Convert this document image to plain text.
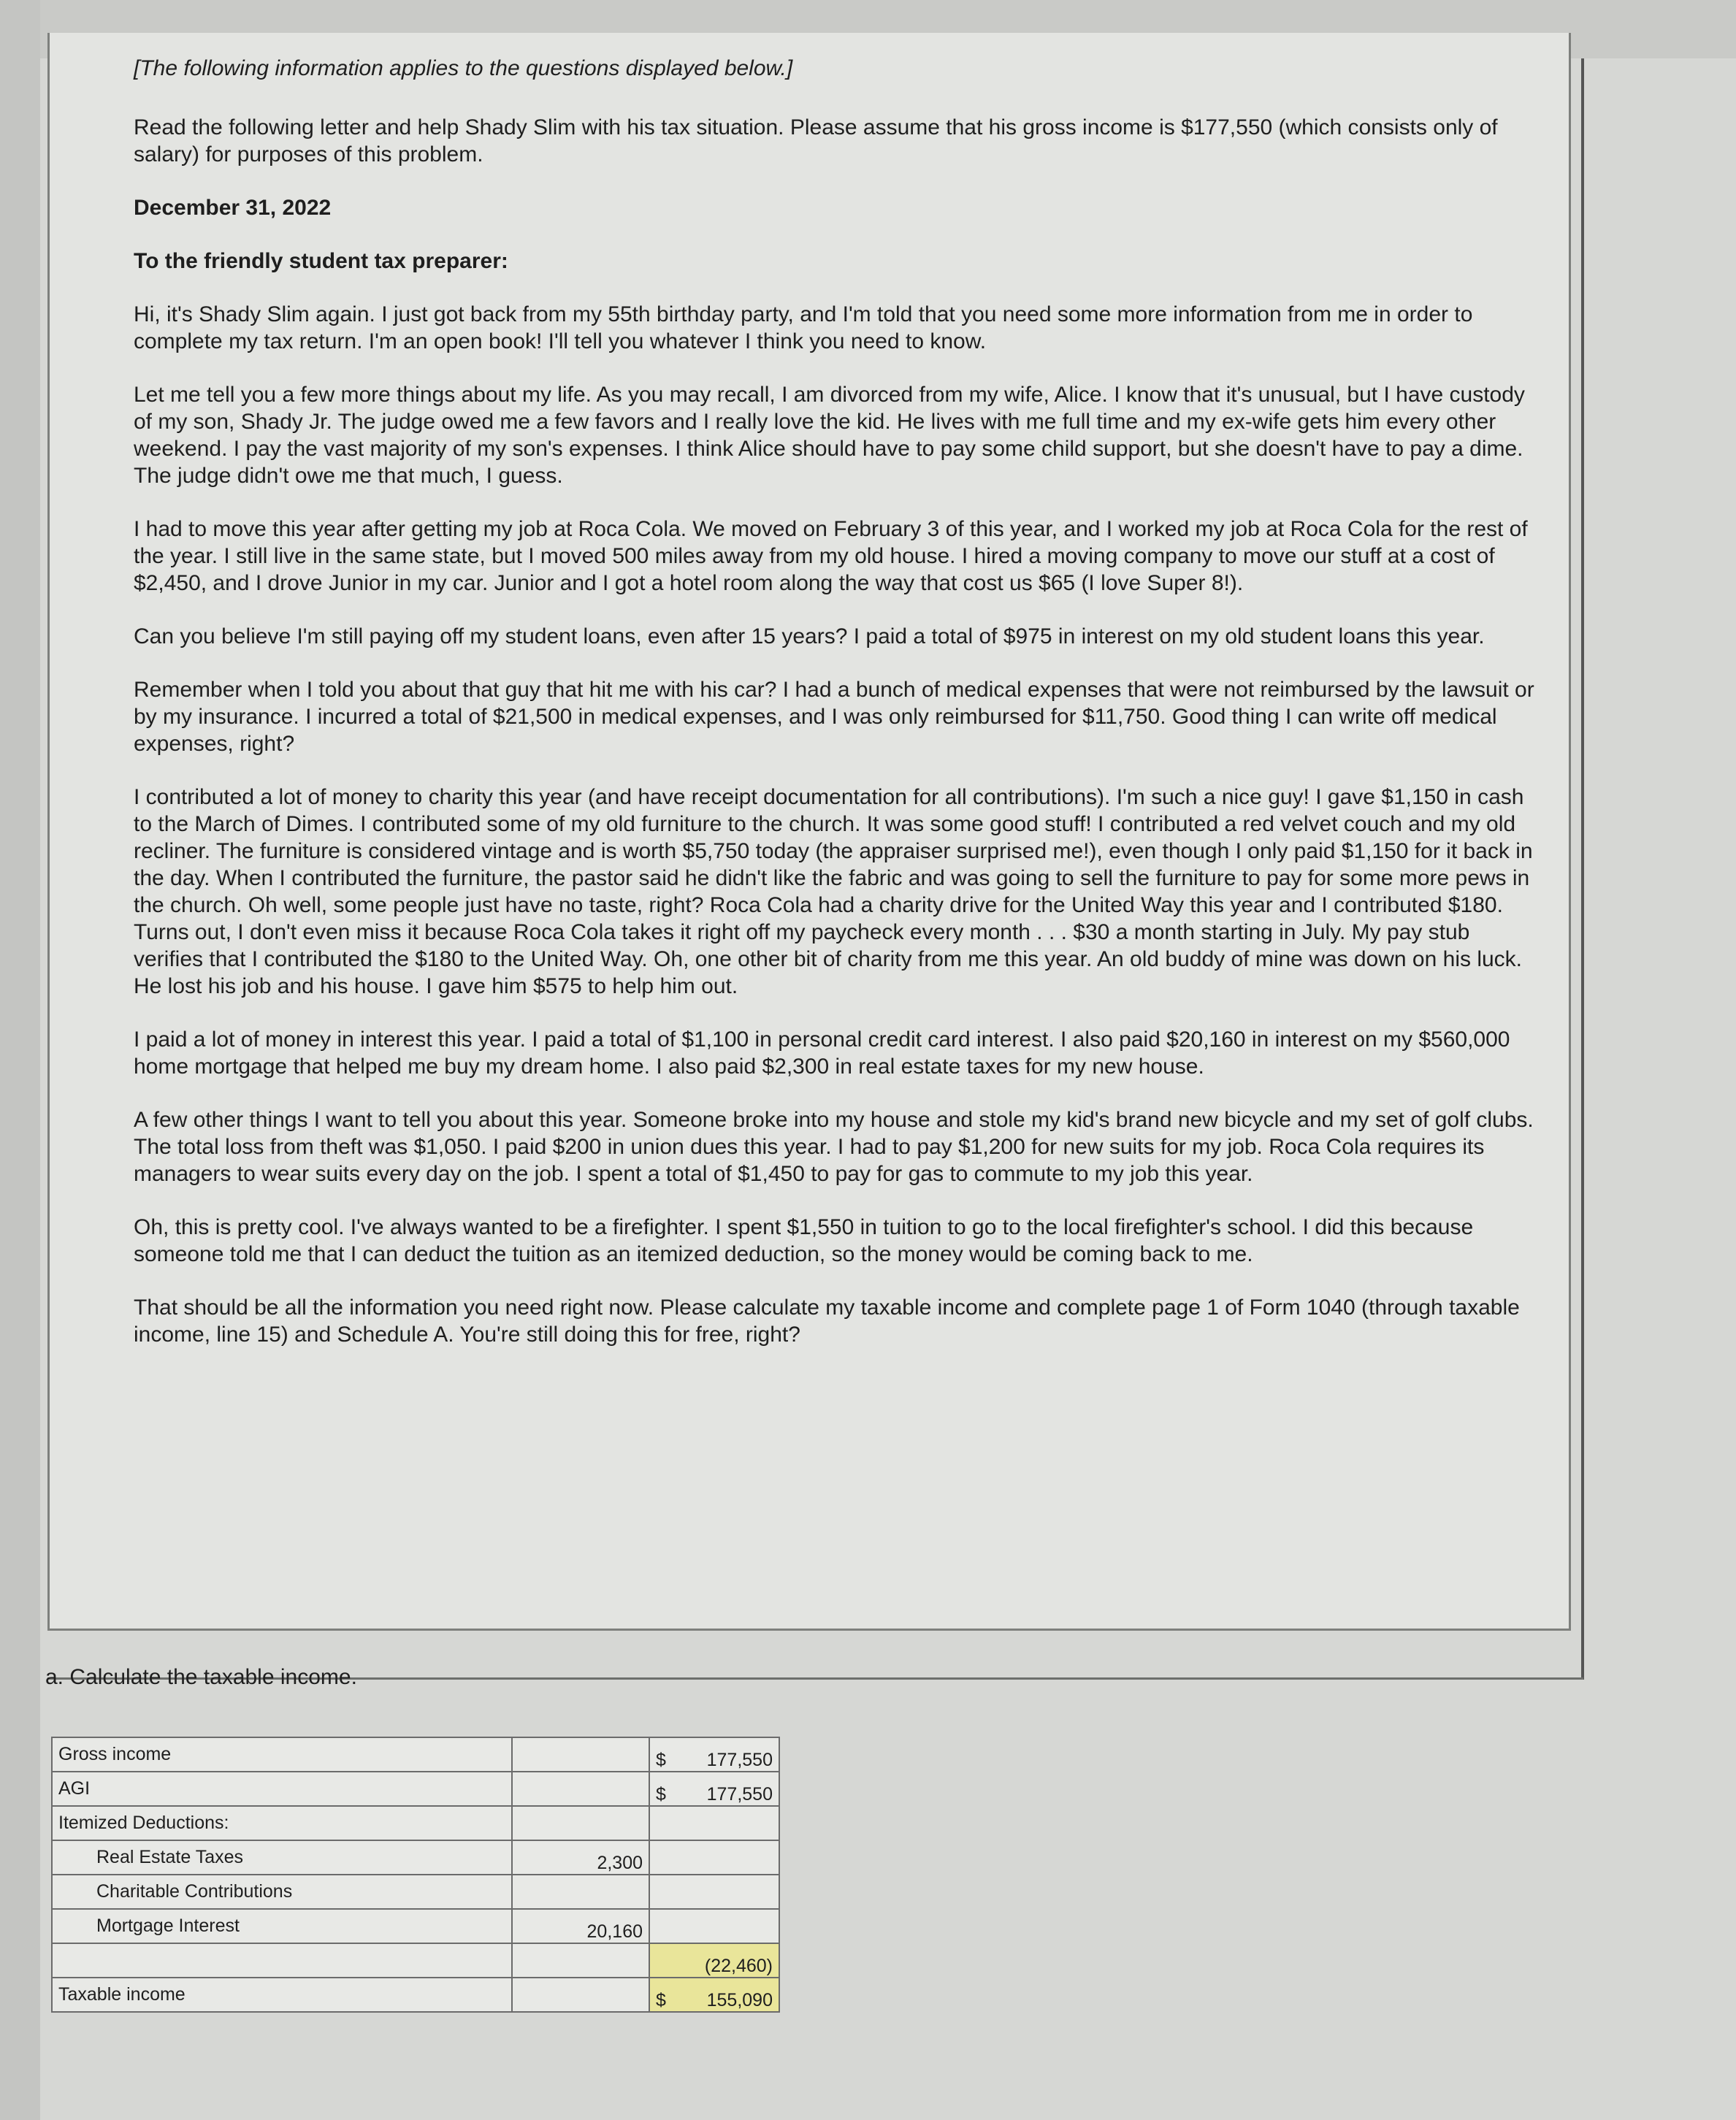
[The following information applies to the questions displayed below.]

Read the following letter and help Shady Slim with his tax situation. Please assume that his gross income is $177,550 (which consists only of salary) for purposes of this problem.

December 31, 2022

To the friendly student tax preparer:

Hi, it's Shady Slim again. I just got back from my 55th birthday party, and I'm told that you need some more information from me in order to complete my tax return. I'm an open book! I'll tell you whatever I think you need to know.

Let me tell you a few more things about my life. As you may recall, I am divorced from my wife, Alice. I know that it's unusual, but I have custody of my son, Shady Jr. The judge owed me a few favors and I really love the kid. He lives with me full time and my ex-wife gets him every other weekend. I pay the vast majority of my son's expenses. I think Alice should have to pay some child support, but she doesn't have to pay a dime. The judge didn't owe me that much, I guess.

I had to move this year after getting my job at Roca Cola. We moved on February 3 of this year, and I worked my job at Roca Cola for the rest of the year. I still live in the same state, but I moved 500 miles away from my old house. I hired a moving company to move our stuff at a cost of $2,450, and I drove Junior in my car. Junior and I got a hotel room along the way that cost us $65 (I love Super 8!).

Can you believe I'm still paying off my student loans, even after 15 years? I paid a total of $975 in interest on my old student loans this year.

Remember when I told you about that guy that hit me with his car? I had a bunch of medical expenses that were not reimbursed by the lawsuit or by my insurance. I incurred a total of $21,500 in medical expenses, and I was only reimbursed for $11,750. Good thing I can write off medical expenses, right?

I contributed a lot of money to charity this year (and have receipt documentation for all contributions). I'm such a nice guy! I gave $1,150 in cash to the March of Dimes. I contributed some of my old furniture to the church. It was some good stuff! I contributed a red velvet couch and my old recliner. The furniture is considered vintage and is worth $5,750 today (the appraiser surprised me!), even though I only paid $1,150 for it back in the day. When I contributed the furniture, the pastor said he didn't like the fabric and was going to sell the furniture to pay for some more pews in the church. Oh well, some people just have no taste, right? Roca Cola had a charity drive for the United Way this year and I contributed $180. Turns out, I don't even miss it because Roca Cola takes it right off my paycheck every month . . . $30 a month starting in July. My pay stub verifies that I contributed the $180 to the United Way. Oh, one other bit of charity from me this year. An old buddy of mine was down on his luck. He lost his job and his house. I gave him $575 to help him out.

I paid a lot of money in interest this year. I paid a total of $1,100 in personal credit card interest. I also paid $20,160 in interest on my $560,000 home mortgage that helped me buy my dream home. I also paid $2,300 in real estate taxes for my new house.

A few other things I want to tell you about this year. Someone broke into my house and stole my kid's brand new bicycle and my set of golf clubs. The total loss from theft was $1,050. I paid $200 in union dues this year. I had to pay $1,200 for new suits for my job. Roca Cola requires its managers to wear suits every day on the job. I spent a total of $1,450 to pay for gas to commute to my job this year.

Oh, this is pretty cool. I've always wanted to be a firefighter. I spent $1,550 in tuition to go to the local firefighter's school. I did this because someone told me that I can deduct the tuition as an itemized deduction, so the money would be coming back to me.

That should be all the information you need right now. Please calculate my taxable income and complete page 1 of Form 1040 (through taxable income, line 15) and Schedule A. You're still doing this for free, right?

a. Calculate the taxable income.
Gross income		$ 177,550

AGI		$ 177,550

Itemized Deductions:		
Real Estate Taxes	2,300	
Charitable Contributions		
Mortgage Interest	20,160	
		(22,460)
Taxable income		$ 155,090
